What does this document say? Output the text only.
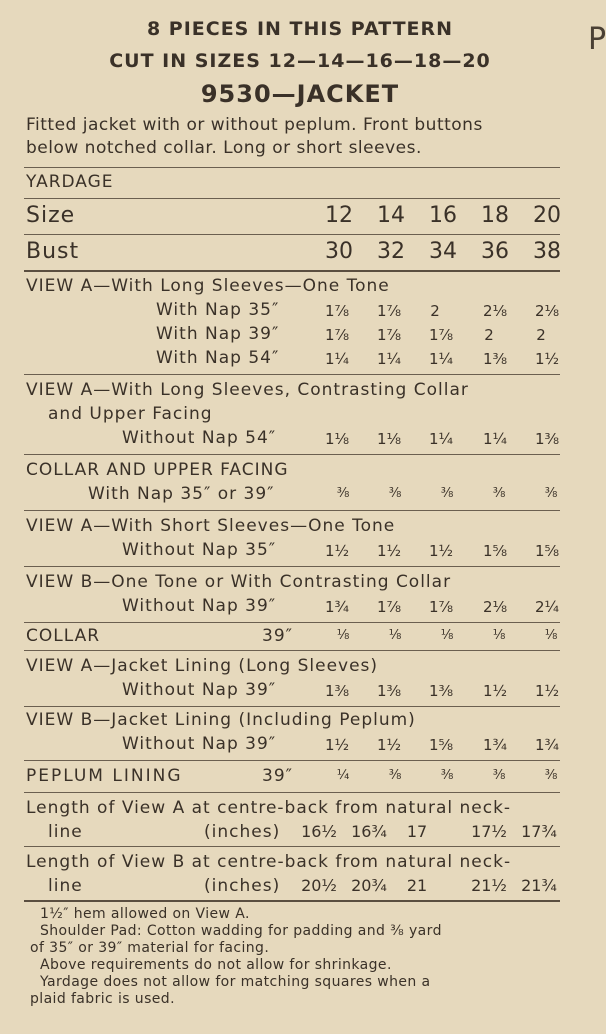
P
8 PIECES IN THIS PATTERN
CUT IN SIZES 12—14—16—18—20
9530—JACKET
Fitted jacket with or without peplum. Front buttons
below notched collar. Long or short sleeves.
YARDAGE
Size	12	14	16	18	20
Bust	30	32	34	36	38
VIEW A—With Long Sleeves—One Tone
With Nap 35″	1⅞	1⅞	2	2⅛	2⅛
With Nap 39″	1⅞	1⅞	1⅞	2	2
With Nap 54″	1¼	1¼	1¼	1⅜	1½
VIEW A—With Long Sleeves, Contrasting Collar
and Upper Facing
Without Nap 54″	1⅛	1⅛	1¼	1¼	1⅜
COLLAR AND UPPER FACING
With Nap 35″ or 39″	⅜	⅜	⅜	⅜	⅜
VIEW A—With Short Sleeves—One Tone
Without Nap 35″	1½	1½	1½	1⅝	1⅝
VIEW B—One Tone or With Contrasting Collar
Without Nap 39″	1¾	1⅞	1⅞	2⅛	2¼
COLLAR	39″	⅛	⅛	⅛	⅛	⅛
VIEW A—Jacket Lining (Long Sleeves)
Without Nap 39″	1⅜	1⅜	1⅜	1½	1½
VIEW B—Jacket Lining (Including Peplum)
Without Nap 39″	1½	1½	1⅝	1¾	1¾
PEPLUM LINING	39″	¼	⅜	⅜	⅜	⅜
Length of View A at centre-back from natural neck-
line	(inches)	16½ 16¾	17	17½ 17¾
Length of View B at centre-back from natural neck-
line	(inches)	20½ 20¾	21	21½ 21¾
1½″ hem allowed on View A.
Shoulder Pad: Cotton wadding for padding and ⅜ yard
of 35″ or 39″ material for facing.
Above requirements do not allow for shrinkage.
Yardage does not allow for matching squares when a
plaid fabric is used.
